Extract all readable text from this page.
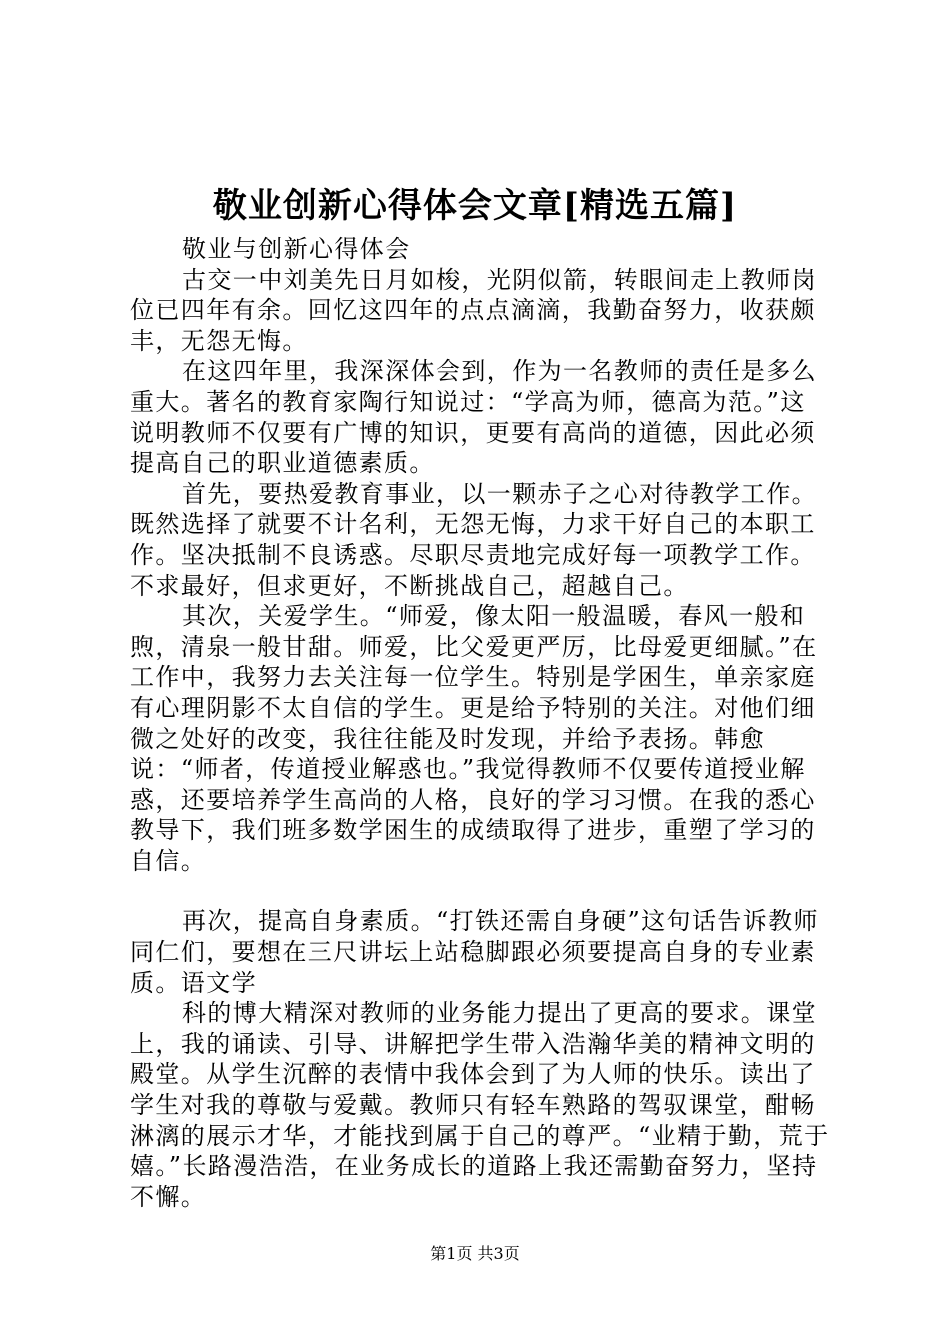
敬业创新心得体会文章[精选五篇]

敬业与创新心得体会

古交一中刘美先日月如梭，光阴似箭，转眼间走上教师岗位已四年有余。回忆这四年的点点滴滴，我勤奋努力，收获颇丰，无怨无悔。

在这四年里，我深深体会到，作为一名教师的责任是多么重大。著名的教育家陶行知说过：“学高为师，德高为范。”这说明教师不仅要有广博的知识，更要有高尚的道德，因此必须提高自己的职业道德素质。

首先，要热爱教育事业，以一颗赤子之心对待教学工作。既然选择了就要不计名利，无怨无悔，力求干好自己的本职工作。坚决抵制不良诱惑。尽职尽责地完成好每一项教学工作。不求最好，但求更好，不断挑战自己，超越自己。

其次，关爱学生。“师爱，像太阳一般温暖，春风一般和煦，清泉一般甘甜。师爱，比父爱更严厉，比母爱更细腻。”在工作中，我努力去关注每一位学生。特别是学困生，单亲家庭有心理阴影不太自信的学生。更是给予特别的关注。对他们细微之处好的改变，我往往能及时发现，并给予表扬。韩愈说：“师者，传道授业解惑也。”我觉得教师不仅要传道授业解惑，还要培养学生高尚的人格，良好的学习习惯。在我的悉心教导下，我们班多数学困生的成绩取得了进步，重塑了学习的自信。

再次，提高自身素质。“打铁还需自身硬”这句话告诉教师同仁们，要想在三尺讲坛上站稳脚跟必须要提高自身的专业素质。语文学

科的博大精深对教师的业务能力提出了更高的要求。课堂上，我的诵读、引导、讲解把学生带入浩瀚华美的精神文明的殿堂。从学生沉醉的表情中我体会到了为人师的快乐。读出了学生对我的尊敬与爱戴。教师只有轻车熟路的驾驭课堂，酣畅淋漓的展示才华，才能找到属于自己的尊严。“业精于勤，荒于嬉。”长路漫浩浩，在业务成长的道路上我还需勤奋努力，坚持不懈。

第1页 共3页
